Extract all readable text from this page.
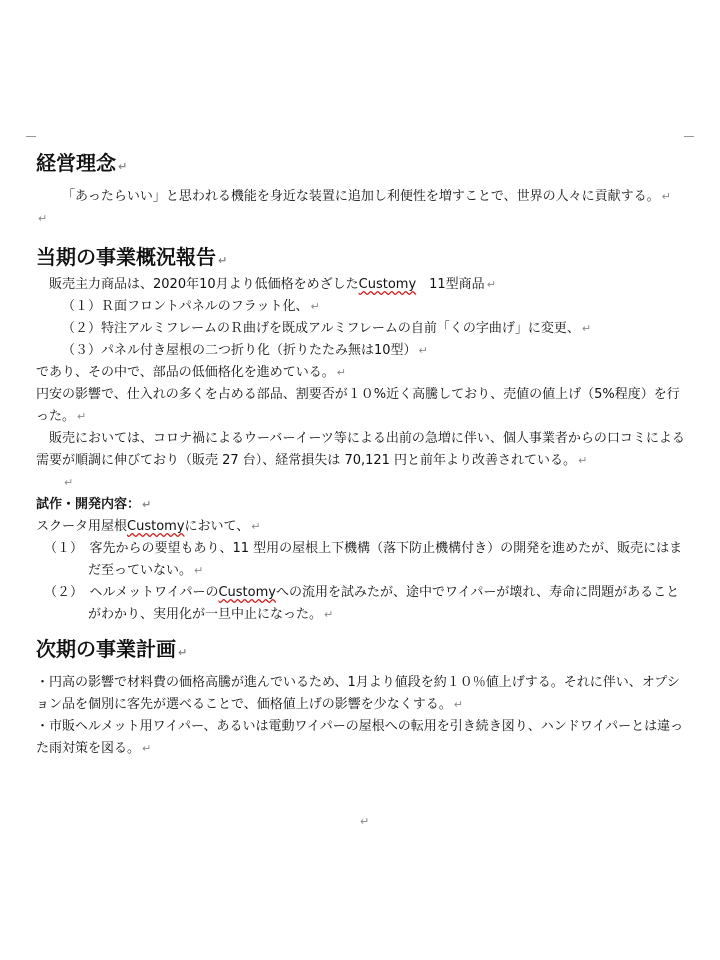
経営理念 ↵

「あったらいい」と思われる機能を身近な装置に追加し利便性を増すことで、世界の人々に貢献する。 ↵

↵

当期の事業概況報告 ↵

販売主力商品は、2020年10月より低価格をめざしたCustomy　11型商品 ↵

（１）Ｒ面フロントパネルのフラット化、 ↵

（２）特注アルミフレームのＲ曲げを既成アルミフレームの自前「くの字曲げ」に変更、 ↵

（３）パネル付き屋根の二つ折り化（折りたたみ無は10型） ↵

であり、その中で、部品の低価格化を進めている。 ↵

円安の影響で、仕入れの多くを占める部品、割要否が１０%近く高騰しており、売値の値上げ（5%程度）を行った。 ↵

販売においては、コロナ禍によるウーバーイーツ等による出前の急増に伴い、個人事業者からの口コミによる需要が順調に伸びており（販売 27 台）、経常損失は 70,121 円と前年より改善されている。 ↵

↵

試作・開発内容： ↵

スクータ用屋根Customyにおいて、 ↵

（１）　客先からの要望もあり、11 型用の屋根上下機構（落下防止機構付き）の開発を進めたが、販売にはまだ至っていない。 ↵

（２）　ヘルメットワイパーのCustomyへの流用を試みたが、途中でワイパーが壊れ、寿命に問題があることがわかり、実用化が一旦中止になった。 ↵

次期の事業計画 ↵

・円高の影響で材料費の価格高騰が進んでいるため、1月より値段を約１０％値上げする。それに伴い、オプション品を個別に客先が選べることで、価格値上げの影響を少なくする。 ↵

・市販ヘルメット用ワイパー、あるいは電動ワイパーの屋根への転用を引き続き図り、ハンドワイパーとは違った雨対策を図る。 ↵

↵
